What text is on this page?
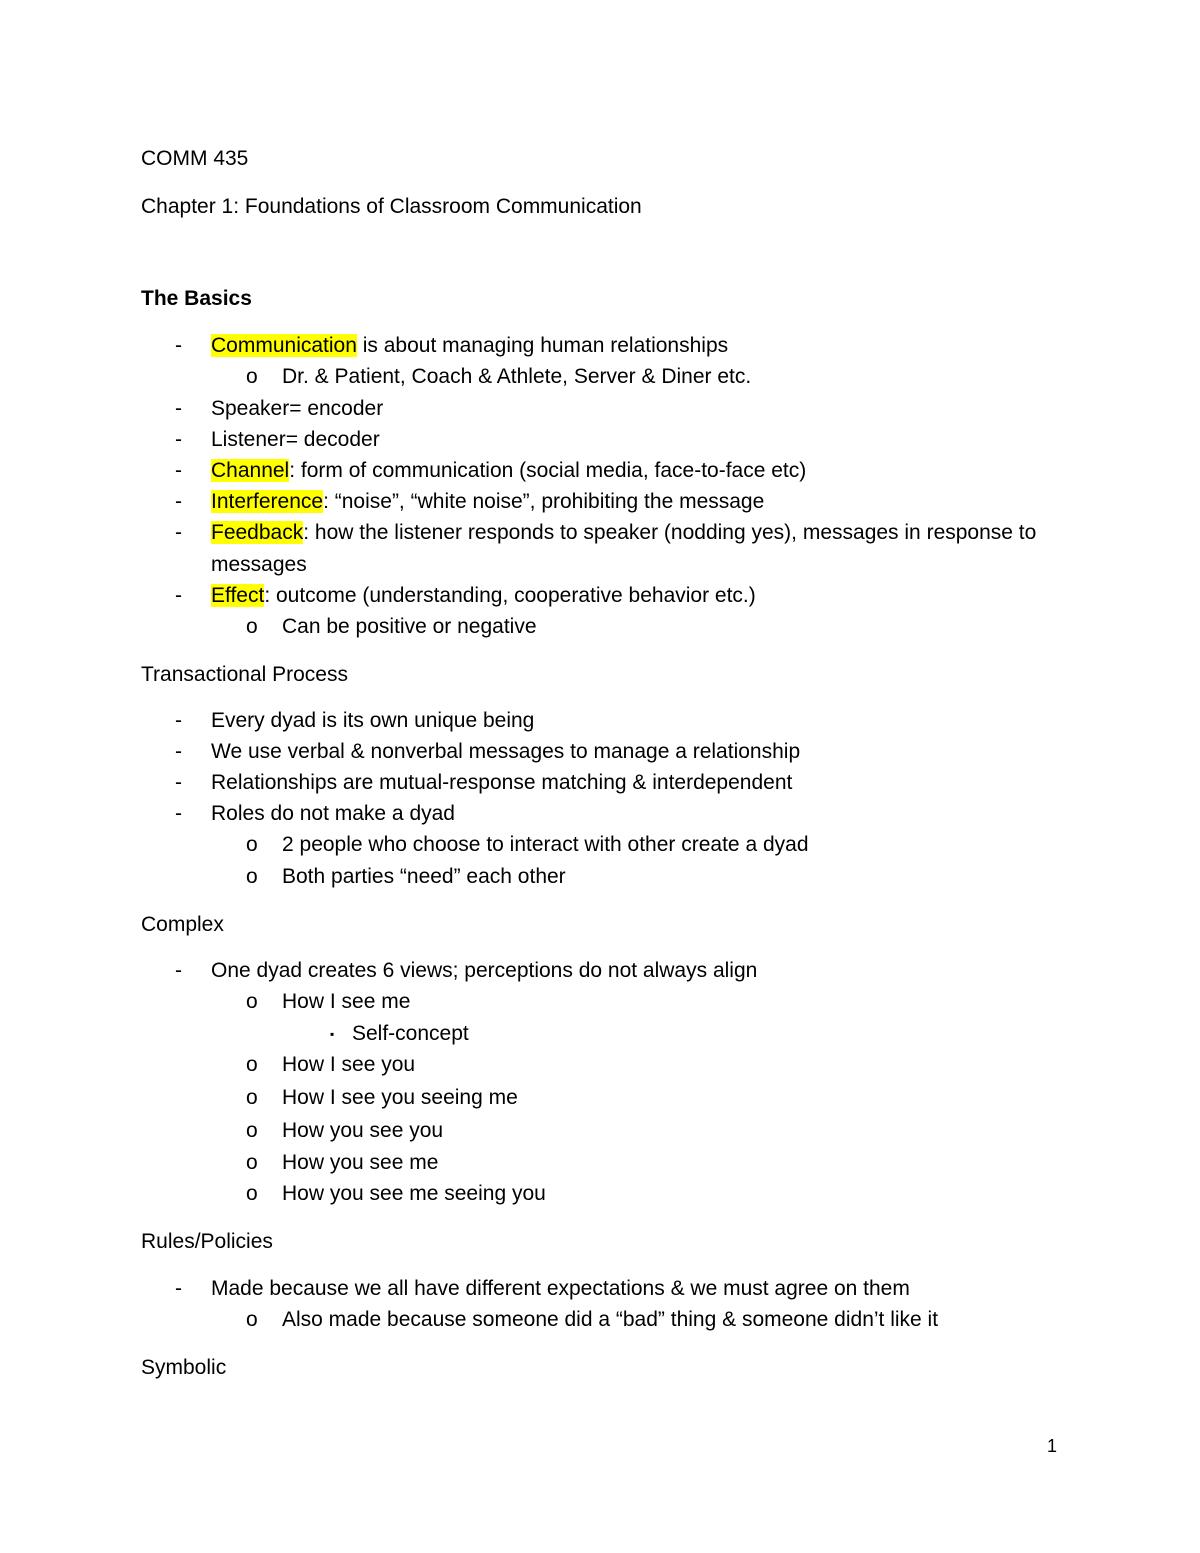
COMM 435
Chapter 1: Foundations of Classroom Communication
The Basics
- Communication is about managing human relationships
o Dr. & Patient, Coach & Athlete, Server & Diner etc.
- Speaker= encoder
- Listener= decoder
- Channel: form of communication (social media, face-to-face etc)
- Interference: “noise”, “white noise”, prohibiting the message
- Feedback: how the listener responds to speaker (nodding yes), messages in response to
messages
- Effect: outcome (understanding, cooperative behavior etc.)
o Can be positive or negative
Transactional Process
- Every dyad is its own unique being
- We use verbal & nonverbal messages to manage a relationship
- Relationships are mutual-response matching & interdependent
- Roles do not make a dyad
o 2 people who choose to interact with other create a dyad
o Both parties “need” each other
Complex
- One dyad creates 6 views; perceptions do not always align
o How I see me
▪ Self-concept
o How I see you
o How I see you seeing me
o How you see you
o How you see me
o How you see me seeing you
Rules/Policies
- Made because we all have different expectations & we must agree on them
o Also made because someone did a “bad” thing & someone didn’t like it
Symbolic
1
